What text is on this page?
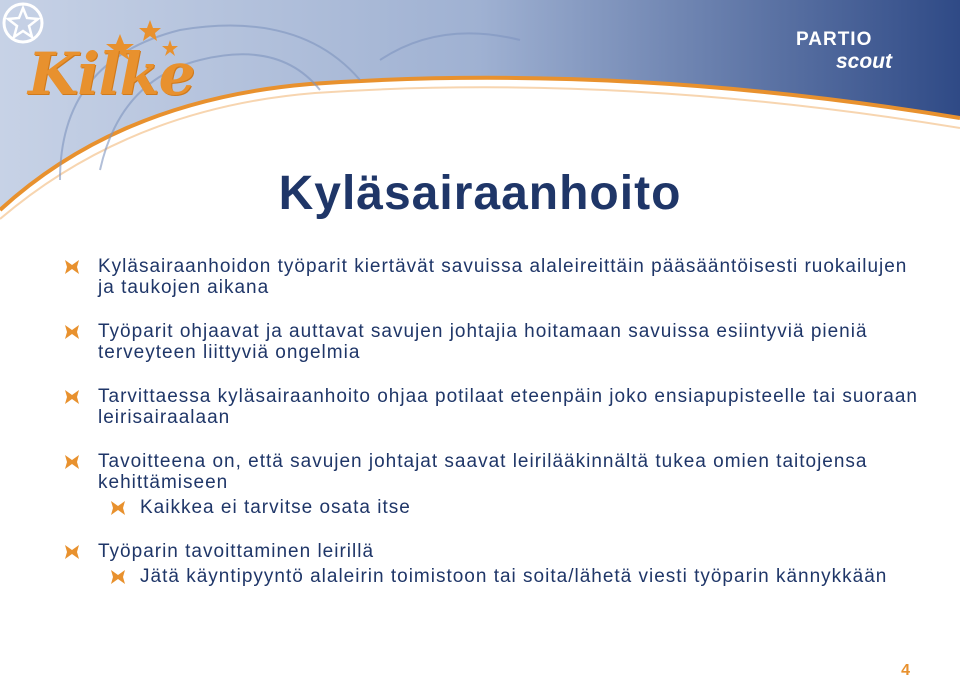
Kilke
PARTIO
scout
Kyläsairaanhoito
Kyläsairaanhoidon työparit kiertävät savuissa alaleireittäin pääsääntöisesti ruokailujen ja taukojen aikana
Työparit ohjaavat ja auttavat savujen johtajia hoitamaan savuissa esiintyviä pieniä terveyteen liittyviä ongelmia
Tarvittaessa kyläsairaanhoito ohjaa potilaat eteenpäin joko ensiapupisteelle tai suoraan leirisairaalaan
Tavoitteena on, että savujen johtajat saavat leirilääkinnältä tukea omien taitojensa kehittämiseen
Kaikkea ei tarvitse osata itse
Työparin tavoittaminen leirillä
Jätä käyntipyyntö alaleirin toimistoon tai soita/lähetä viesti työparin kännykkään
4
